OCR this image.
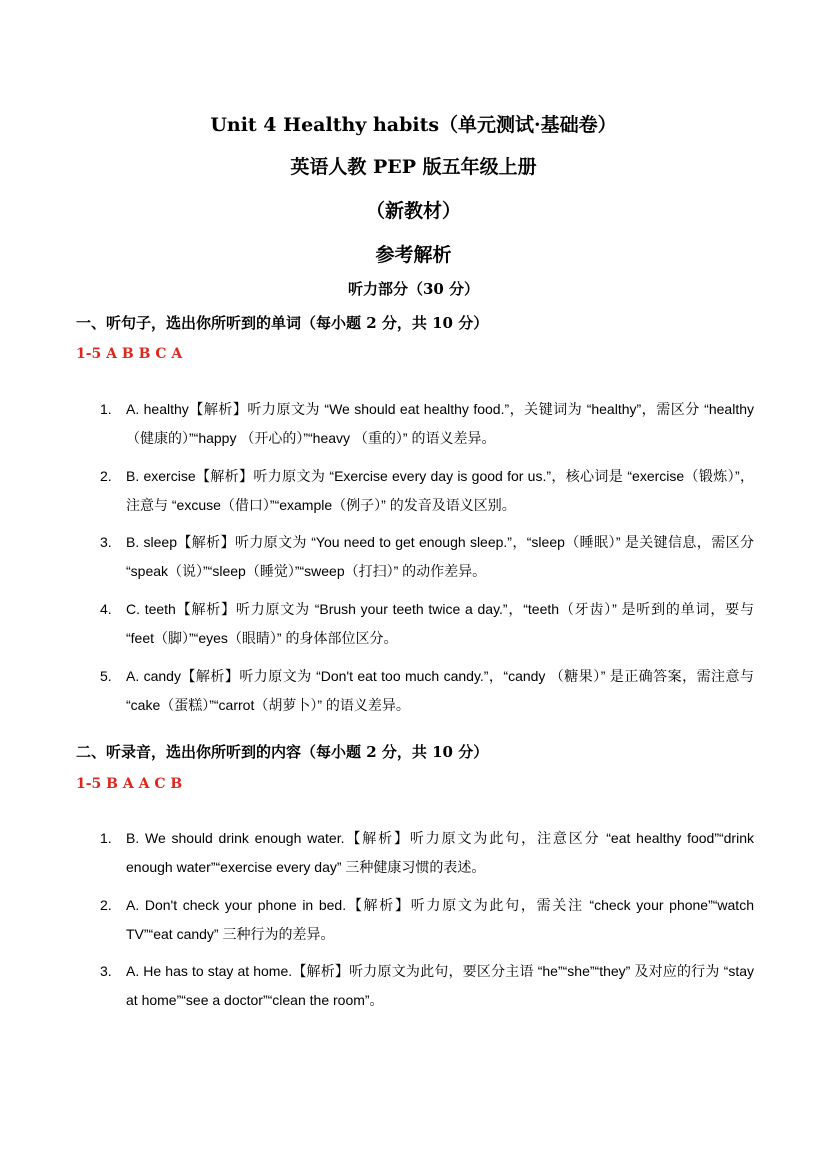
Unit 4 Healthy habits（单元测试·基础卷）
英语人教 PEP 版五年级上册
（新教材）
参考解析
听力部分（30 分）
一、听句子，选出你所听到的单词（每小题 2 分，共 10 分）
1-5 A B B C A
1. A. healthy【解析】听力原文为 “We should eat healthy food.”，关键词为 “healthy”，需区分 “healthy（健康的）”“happy （开心的）”“heavy （重的）” 的语义差异。
2. B. exercise【解析】听力原文为 “Exercise every day is good for us.”，核心词是 “exercise（锻炼）”，注意与 “excuse（借口）”“example（例子）” 的发音及语义区别。
3. B. sleep【解析】听力原文为 “You need to get enough sleep.”，“sleep（睡眠）” 是关键信息，需区分 “speak（说）”“sleep（睡觉）”“sweep（打扫）” 的动作差异。
4. C. teeth【解析】听力原文为 “Brush your teeth twice a day.”，“teeth（牙齿）” 是听到的单词，要与 “feet（脚）”“eyes（眼睛）” 的身体部位区分。
5. A. candy【解析】听力原文为 “Don't eat too much candy.”，“candy （糖果）” 是正确答案，需注意与 “cake（蛋糕）”“carrot（胡萝卜）” 的语义差异。
二、听录音，选出你所听到的内容（每小题 2 分，共 10 分）
1-5 B A A C B
1. B. We should drink enough water.【解析】听力原文为此句，注意区分 “eat healthy food”“drink enough water”“exercise every day” 三种健康习惯的表述。
2. A. Don't check your phone in bed.【解析】听力原文为此句，需关注 “check your phone”“watch TV”“eat candy” 三种行为的差异。
3. A. He has to stay at home.【解析】听力原文为此句，要区分主语 “he”“she”“they” 及对应的行为 “stay at home”“see a doctor”“clean the room”。
